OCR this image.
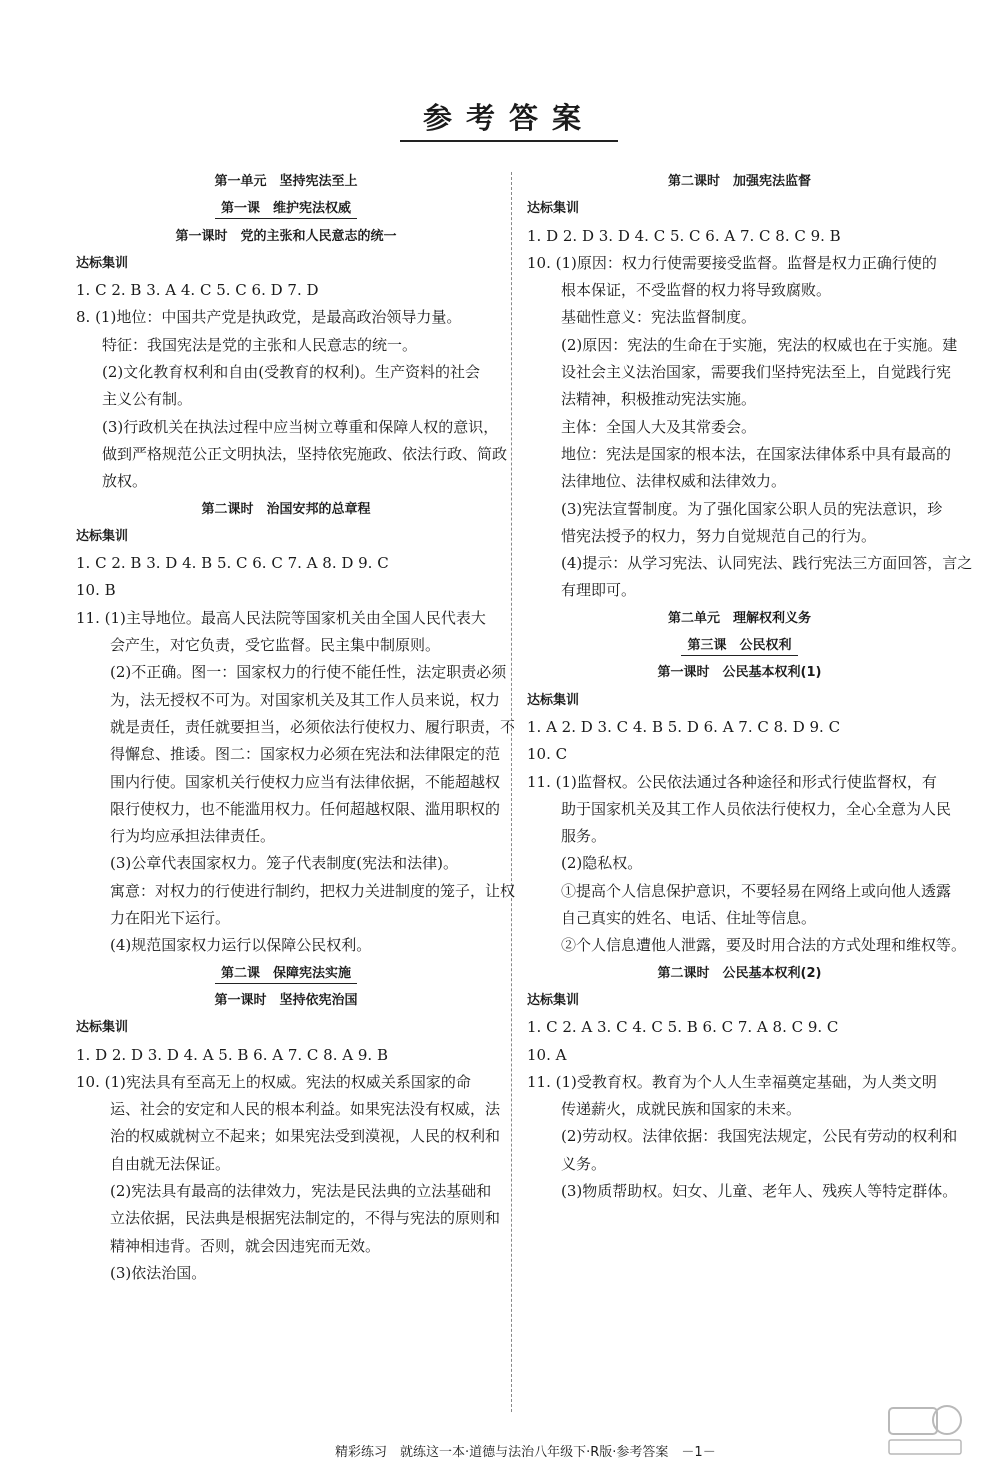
参考答案
第一单元　坚持宪法至上
第一课　维护宪法权威
第一课时　党的主张和人民意志的统一
达标集训
1. C 2. B 3. A 4. C 5. C 6. D 7. D
8. (1)地位：中国共产党是执政党，是最高政治领导力量。
特征：我国宪法是党的主张和人民意志的统一。
(2)文化教育权利和自由(受教育的权利)。生产资料的社会
主义公有制。
(3)行政机关在执法过程中应当树立尊重和保障人权的意识，
做到严格规范公正文明执法，坚持依宪施政、依法行政、简政
放权。
第二课时　治国安邦的总章程
达标集训
1. C 2. B 3. D 4. B 5. C 6. C 7. A 8. D 9. C
10. B
11. (1)主导地位。最高人民法院等国家机关由全国人民代表大
会产生，对它负责，受它监督。民主集中制原则。
(2)不正确。图一：国家权力的行使不能任性，法定职责必须
为，法无授权不可为。对国家机关及其工作人员来说，权力
就是责任，责任就要担当，必须依法行使权力、履行职责，不
得懈怠、推诿。图二：国家权力必须在宪法和法律限定的范
围内行使。国家机关行使权力应当有法律依据，不能超越权
限行使权力，也不能滥用权力。任何超越权限、滥用职权的
行为均应承担法律责任。
(3)公章代表国家权力。笼子代表制度(宪法和法律)。
寓意：对权力的行使进行制约，把权力关进制度的笼子，让权
力在阳光下运行。
(4)规范国家权力运行以保障公民权利。
第二课　保障宪法实施
第一课时　坚持依宪治国
达标集训
1. D 2. D 3. D 4. A 5. B 6. A 7. C 8. A 9. B
10. (1)宪法具有至高无上的权威。宪法的权威关系国家的命
运、社会的安定和人民的根本利益。如果宪法没有权威，法
治的权威就树立不起来；如果宪法受到漠视，人民的权利和
自由就无法保证。
(2)宪法具有最高的法律效力，宪法是民法典的立法基础和
立法依据，民法典是根据宪法制定的，不得与宪法的原则和
精神相违背。否则，就会因违宪而无效。
(3)依法治国。
第二课时　加强宪法监督
达标集训
1. D 2. D 3. D 4. C 5. C 6. A 7. C 8. C 9. B
10. (1)原因：权力行使需要接受监督。监督是权力正确行使的
根本保证，不受监督的权力将导致腐败。
基础性意义：宪法监督制度。
(2)原因：宪法的生命在于实施，宪法的权威也在于实施。建
设社会主义法治国家，需要我们坚持宪法至上，自觉践行宪
法精神，积极推动宪法实施。
主体：全国人大及其常委会。
地位：宪法是国家的根本法，在国家法律体系中具有最高的
法律地位、法律权威和法律效力。
(3)宪法宣誓制度。为了强化国家公职人员的宪法意识，珍
惜宪法授予的权力，努力自觉规范自己的行为。
(4)提示：从学习宪法、认同宪法、践行宪法三方面回答，言之
有理即可。
第二单元　理解权利义务
第三课　公民权利
第一课时　公民基本权利(1)
达标集训
1. A 2. D 3. C 4. B 5. D 6. A 7. C 8. D 9. C
10. C
11. (1)监督权。公民依法通过各种途径和形式行使监督权，有
助于国家机关及其工作人员依法行使权力，全心全意为人民
服务。
(2)隐私权。
①提高个人信息保护意识，不要轻易在网络上或向他人透露
自己真实的姓名、电话、住址等信息。
②个人信息遭他人泄露，要及时用合法的方式处理和维权等。
第二课时　公民基本权利(2)
达标集训
1. C 2. A 3. C 4. C 5. B 6. C 7. A 8. C 9. C
10. A
11. (1)受教育权。教育为个人人生幸福奠定基础，为人类文明
传递薪火，成就民族和国家的未来。
(2)劳动权。法律依据：我国宪法规定，公民有劳动的权利和
义务。
(3)物质帮助权。妇女、儿童、老年人、残疾人等特定群体。
精彩练习　就练这一本·道德与法治八年级下·R版·参考答案　－1－
